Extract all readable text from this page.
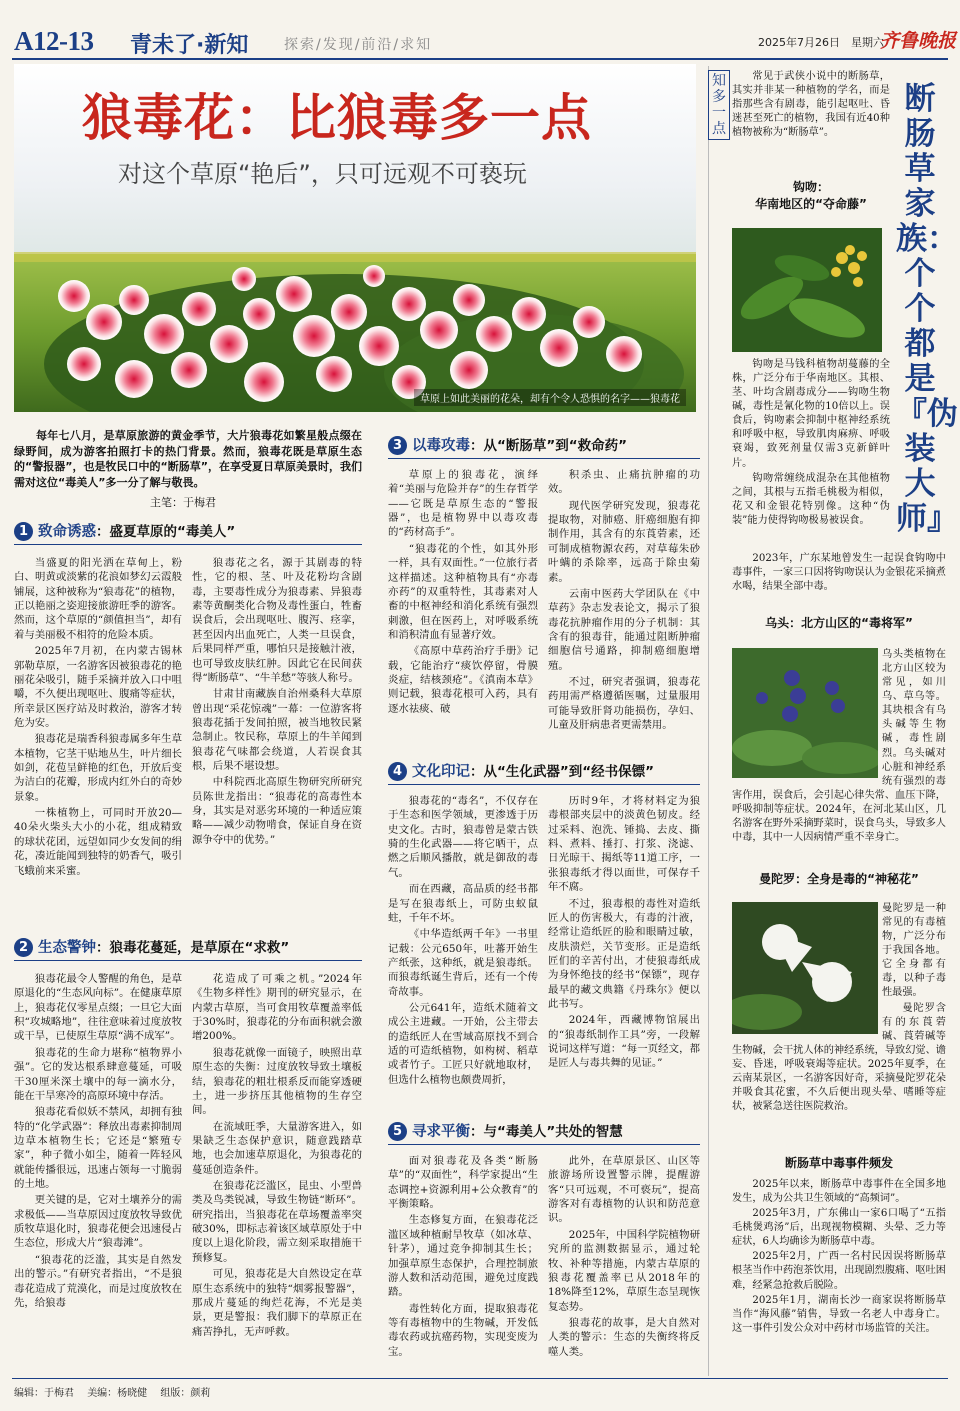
A12-13 青未了·新知	探索/发现/前沿/求知	2025年7月26日　星期六
齐鲁晚报
狼毒花：比狼毒多一点
对这个草原“艳后”，只可远观不可亵玩
草原上如此美丽的花朵，却有个令人恐惧的名字——狼毒花
每年七八月，是草原旅游的黄金季节，大片狼毒花如繁星般点缀在绿野间，成为游客拍照打卡的热门背景。然而，狼毒花既是草原生态的“警报器”，也是牧民口中的“断肠草”，在享受夏日草原美景时，我们需对这位“毒美人”多一分了解与敬畏。
主笔：于梅君
1 致命诱惑：盛夏草原的“毒美人”

当盛夏的阳光洒在草甸上，粉白、明黄或淡紫的花浪如梦幻云霞般铺展，这种被称为“狼毒花”的植物，正以艳丽之姿迎接旅游旺季的游客。然而，这个草原的“颜值担当”，却有着与美丽极不相符的危险本质。

2025年7月初，在内蒙古锡林郭勒草原，一名游客因被狼毒花的艳丽花朵吸引，随手采摘并放入口中咀嚼，不久便出现呕吐、腹痛等症状，所幸景区医疗站及时救治，游客才转危为安。

狼毒花是瑞香科狼毒属多年生草本植物，它茎干贴地丛生，叶片细长如剑，花苞呈鲜艳的红色，开放后变为洁白的花瓣，形成内红外白的奇妙景象。

一株植物上，可同时开放20—40朵火柴头大小的小花，组成精致的球状花团，远望如同少女发间的绢花，凑近能闻到独特的奶香气，吸引飞蛾前来采蜜。

狼毒花之名，源于其剧毒的特性，它的根、茎、叶及花粉均含剧毒，主要毒性成分为狼毒素、异狼毒素等黄酮类化合物及毒性蛋白，牲畜误食后，会出现呕吐、腹泻、痉挛，甚至因内出血死亡，人类一旦误食，后果同样严重，哪怕只是接触汁液，也可导致皮肤红肿。因此它在民间获得“断肠草”、“牛羊愁”等骇人称号。

甘肃甘南藏族自治州桑科大草原曾出现“采花惊魂”一幕：一位游客将狼毒花插于发间拍照，被当地牧民紧急制止。牧民称，草原上的牛羊闻到狼毒花气味都会绕道，人若误食其根，后果不堪设想。

中科院西北高原生物研究所研究员陈世龙指出：“狼毒花的高毒性本身，其实是对恶劣环境的一种适应策略——减少动物啃食，保证自身在资源争夺中的优势。”

2 生态警钟：狼毒花蔓延，是草原在“求救”

狼毒花最令人警醒的角色，是草原退化的“生态风向标”。在健康草原上，狼毒花仅零星点缀；一旦它大面积“攻城略地”，往往意味着过度放牧或干旱，已使原生草原“满不成军”。

狼毒花的生命力堪称“植物界小强”。它的发达根系肆意蔓延，可吸干30厘米深土壤中的每一滴水分，能在干旱寒冷的高原环境中存活。

狼毒花看似妖不禁风，却拥有独特的“化学武器”：释放出毒素抑制周边草本植物生长；它还是“繁殖专家”，种子微小如尘，随着一阵轻风就能传播很远，迅速占领每一寸脆弱的土地。

更关键的是，它对土壤养分的需求极低——当草原因过度放牧导致优质牧草退化时，狼毒花便会迅速侵占生态位，形成大片“狼毒滩”。

“狼毒花的泛滥，其实是自然发出的警示。”有研究者指出，“不是狼毒花造成了荒漠化，而是过度放牧在先，给狼毒

花造成了可乘之机。”2024年《生物多样性》期刊的研究显示，在内蒙古草原，当可食用牧草覆盖率低于30%时，狼毒花的分布面积就会激增200%。

狼毒花就像一面镜子，映照出草原生态的失衡：过度放牧导致土壤板结，狼毒花的粗壮根系反而能穿透硬土，进一步挤压其他植物的生存空间。

在流域旺季，大量游客进入，如果缺乏生态保护意识，随意践踏草地，也会加速草原退化，为狼毒花的蔓延创造条件。

在狼毒花泛滥区，昆虫、小型兽类及鸟类锐减，导致生物链“断环”。研究指出，当狼毒花在草场覆盖率突破30%，即标志着该区域草原处于中度以上退化阶段，需立刻采取措施干预修复。

可见，狼毒花是大自然设定在草原生态系统中的独特“烟雾报警器”，那成片蔓延的绚烂花海，不光是美景，更是警报：我们脚下的草原正在痛苦挣扎，无声呼救。

3 以毒攻毒：从“断肠草”到“救命药”

草原上的狼毒花，演绎着“美丽与危险并存”的生存哲学——它既是草原生态的“警报器”，也是植物界中以毒攻毒的“药材高手”。

“狼毒花的个性，如其外形一样，具有双面性。”一位旅行者这样描述。这种植物具有“亦毒亦药”的双重特性，其毒素对人畜的中枢神经和消化系统有强烈刺激，但在医药上，对呼吸系统和消积清血有显著疗效。

《高原中草药治疗手册》记载，它能治疗“痰饮停留，骨膜炎症，结核颈疮”。《滇南本草》则记载，狼毒花根可入药，具有逐水祛痰、破

积杀虫、止痛抗肿瘤的功效。

现代医学研究发现，狼毒花提取物，对肺癌、肝癌细胞有抑制作用，其含有的东莨菪素，还可制成植物源农药，对草莓朱砂叶螨的杀除率，远高于除虫菊素。

云南中医药大学团队在《中草药》杂志发表论文，揭示了狼毒花抗肿瘤作用的分子机制：其含有的狼毒苷，能通过阻断肿瘤细胞信号通路，抑制癌细胞增殖。

不过，研究者强调，狼毒花药用需严格遵循医嘱，过量服用可能导致肝肾功能损伤，孕妇、儿童及肝病患者更需禁用。

4 文化印记：从“生化武器”到“经书保镖”

狼毒花的“毒名”，不仅存在于生态和医学领域，更渗透于历史文化。古时，狼毒曾是蒙古铁骑的生化武器——将它晒干，点燃之后顺风播散，就是御敌的毒气。

而在西藏，高品质的经书都是写在狼毒纸上，可防虫蚁鼠蛀，千年不坏。

《中华造纸两千年》一书里记载：公元650年，吐蕃开始生产纸张，这种纸，就是狼毒纸。而狼毒纸诞生背后，还有一个传奇故事。

公元641年，造纸术随着文成公主进藏。一开始，公主带去的造纸匠人在雪域高原找不到合适的可造纸植物，如构树、稻草或者竹子。工匠只好就地取材，但选什么植物也颇费周折，

历时9年，才将材料定为狼毒根部夹层中的淡黄色韧皮。经过采料、泡洗、锤捣、去皮、撕料、煮料、捶打、打浆、浇滤、日光晾干、揭纸等11道工序，一张狼毒纸才得以面世，可保存千年不腐。

不过，狼毒根的毒性对造纸匠人的伤害极大，有毒的汁液，经常让造纸匠的脸和眼睛过敏，皮肤溃烂，关节变形。正是造纸匠们的辛苦付出，才使狼毒纸成为身怀绝技的经书“保镖”，现存最早的藏文典籍《丹珠尔》便以此书写。

2024年，西藏博物馆展出的“狼毒纸制作工具”旁，一段解说词这样写道：“每一页经文，都是匠人与毒共舞的见证。”

5 寻求平衡：与“毒美人”共处的智慧

面对狼毒花及各类“断肠草”的“双面性”，科学家提出“生态调控+资源利用+公众教育”的平衡策略。

生态修复方面，在狼毒花泛滥区域种植耐旱牧草（如冰草、针茅），通过竞争抑制其生长；加强草原生态保护，合理控制旅游人数和活动范围，避免过度践踏。

毒性转化方面，提取狼毒花等有毒植物中的生物碱，开发低毒农药或抗癌药物，实现变废为宝。

此外，在草原景区、山区等旅游场所设置警示牌，提醒游客“只可远观，不可亵玩”，提高游客对有毒植物的认识和防范意识。

2025年，中国科学院植物研究所的监测数据显示，通过轮牧、补种等措施，内蒙古草原的狼毒花覆盖率已从2018年的18%降至12%，草原生态呈现恢复态势。

狼毒花的故事，是大自然对人类的警示：生态的失衡终将反噬人类。

知多一点

常见于武侠小说中的断肠草，其实并非某一种植物的学名，而是指那些含有剧毒，能引起呕吐、昏迷甚至死亡的植物，我国有近40种植物被称为“断肠草”。

断肠草家族：个个都是『伪装大师』
钩吻：
华南地区的“夺命藤”

钩吻是马钱科植物胡蔓藤的全株，广泛分布于华南地区。其根、茎、叶均含剧毒成分——钩吻生物碱，毒性是氰化物的10倍以上。误食后，钩吻素会抑制中枢神经系统和呼吸中枢，导致肌肉麻痹、呼吸衰竭，致死剂量仅需3克新鲜叶片。

钩吻常缠绕成混杂在其他植物之间，其根与五指毛桃极为相似，花又和金银花特别像。这种“伪装”能力使得钩吻极易被误食。

2023年，广东某地曾发生一起误食钩吻中毒事件，一家三口因将钩吻误认为金银花采摘煮水喝，结果全部中毒。

乌头：北方山区的“毒将军”

乌头类植物在北方山区较为常见，如川乌、草乌等。其块根含有乌头碱等生物碱，毒性剧烈。乌头碱对心脏和神经系统有强烈的毒害作用，误食后，会引起心律失常、血压下降，呼吸抑制等症状。2024年，在河北某山区，几名游客在野外采摘野菜时，误食乌头，导致多人中毒，其中一人因病情严重不幸身亡。

曼陀罗：全身是毒的“神秘花”

曼陀罗是一种常见的有毒植物，广泛分布于我国各地。它全身都有毒，以种子毒性最强。

曼陀罗含有的东莨菪碱、莨菪碱等生物碱，会干扰人体的神经系统，导致幻觉、谵妄、昏迷，呼吸衰竭等症状。2025年夏季，在云南某景区，一名游客因好奇，采摘曼陀罗花朵并吸食其花蜜，不久后便出现头晕、嗜睡等症状，被紧急送往医院救治。

断肠草中毒事件频发

2025年以来，断肠草中毒事件在全国多地发生，成为公共卫生领域的“高频词”。

2025年3月，广东佛山一家6口喝了“五指毛桃煲鸡汤”后，出现视物模糊、头晕、乏力等症状，6人均确诊为断肠草中毒。

2025年2月，广西一名村民因误将断肠草根茎当作中药泡茶饮用，出现剧烈腹痛、呕吐困难，经紧急抢救后脱险。

2025年1月，湖南长沙一商家误将断肠草当作“海风藤”销售，导致一名老人中毒身亡。这一事件引发公众对中药材市场监管的关注。

编辑：于梅君 美编：杨晓健 组版：颜莉
